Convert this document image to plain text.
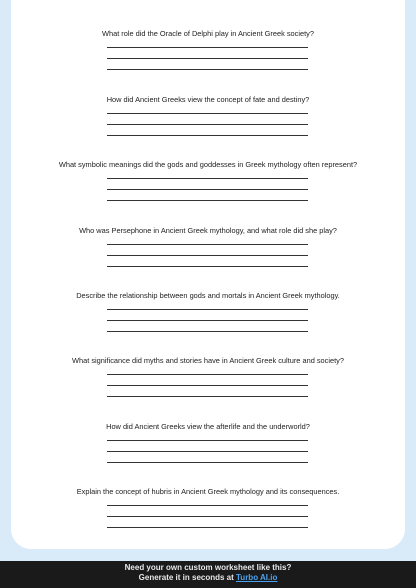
What role did the Oracle of Delphi play in Ancient Greek society?
How did Ancient Greeks view the concept of fate and destiny?
What symbolic meanings did the gods and goddesses in Greek mythology often represent?
Who was Persephone in Ancient Greek mythology, and what role did she play?
Describe the relationship between gods and mortals in Ancient Greek mythology.
What significance did myths and stories have in Ancient Greek culture and society?
How did Ancient Greeks view the afterlife and the underworld?
Explain the concept of hubris in Ancient Greek mythology and its consequences.
Need your own custom worksheet like this?
Generate it in seconds at Turbo AI.io
